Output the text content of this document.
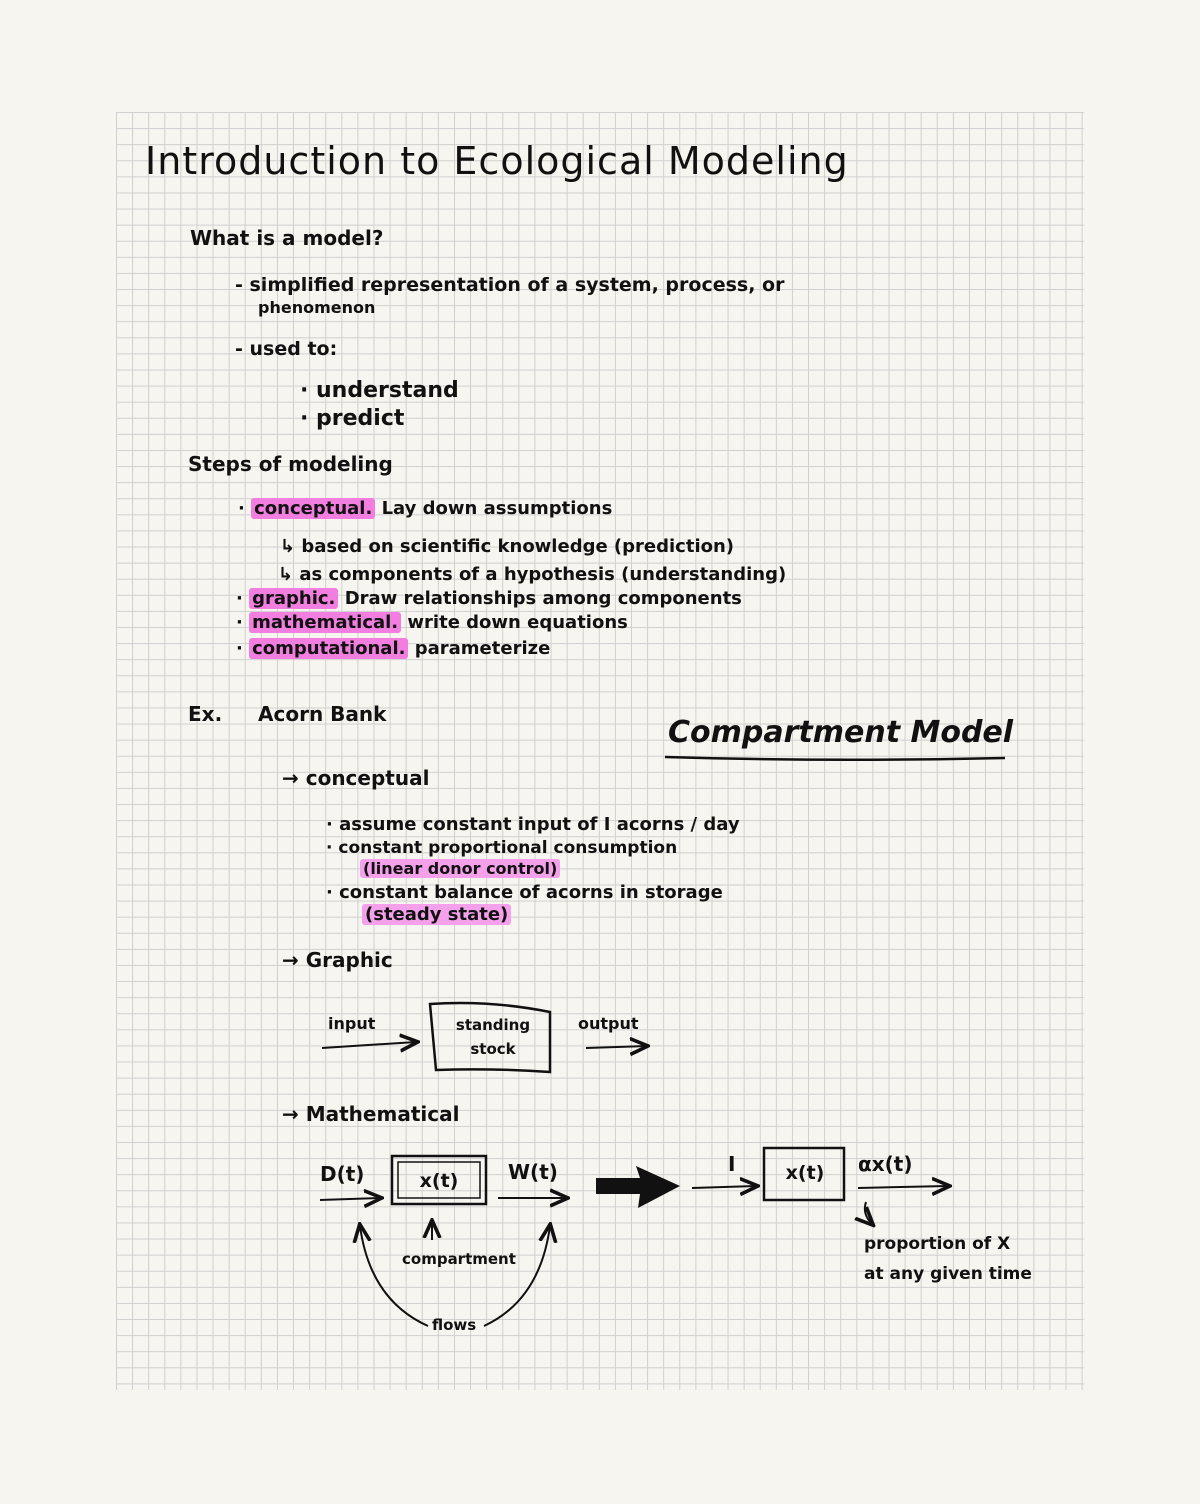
Introduction to Ecological Modeling
What is a model?
- simplified representation of a system, process, or
phenomenon
- used to:
· understand
· predict
Steps of modeling
· conceptual. Lay down assumptions
↳ based on scientific knowledge (prediction)
↳ as components of a hypothesis (understanding)
· graphic. Draw relationships among components
· mathematical. write down equations
· computational. parameterize
Ex. Acorn Bank
Compartment Model
→ conceptual
· assume constant input of I acorns / day
· constant proportional consumption
(linear donor control)
· constant balance of acorns in storage
(steady state)
→ Graphic
input	standing
stock
output
→ Mathematical
D(t)	x(t)	W(t)
compartment
flows
I	x(t)	αx(t)
proportion of X
at any given time
